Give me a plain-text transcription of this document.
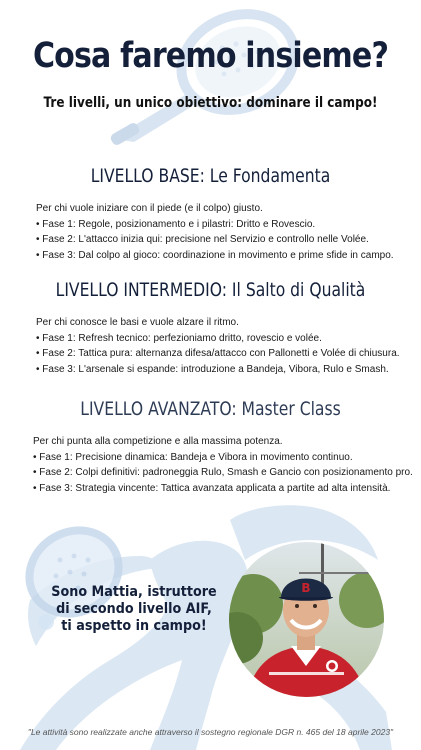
Cosa faremo insieme?
Tre livelli, un unico obiettivo: dominare il campo!
LIVELLO BASE: Le Fondamenta
Per chi vuole iniziare con il piede (e il colpo) giusto.
• Fase 1: Regole, posizionamento e i pilastri: Dritto e Rovescio.
• Fase 2: L'attacco inizia qui: precisione nel Servizio e controllo nelle Volée.
• Fase 3: Dal colpo al gioco: coordinazione in movimento e prime sfide in campo.
LIVELLO INTERMEDIO: Il Salto di Qualità
Per chi conosce le basi e vuole alzare il ritmo.
• Fase 1: Refresh tecnico: perfezioniamo dritto, rovescio e volée.
• Fase 2: Tattica pura: alternanza difesa/attacco con Pallonetti e Volée di chiusura.
• Fase 3: L'arsenale si espande: introduzione a Bandeja, Vibora, Rulo e Smash.
LIVELLO AVANZATO: Master Class
Per chi punta alla competizione e alla massima potenza.
• Fase 1: Precisione dinamica: Bandeja e Vibora in movimento continuo.
• Fase 2: Colpi definitivi: padroneggia Rulo, Smash e Gancio con posizionamento pro.
• Fase 3: Strategia vincente: Tattica avanzata applicata a partite ad alta intensità.
B
Sono Mattia, istruttore
di secondo livello AIF,
ti aspetto in campo!
"Le attività sono realizzate anche attraverso il sostegno regionale DGR n. 465 del 18 aprile 2023"
